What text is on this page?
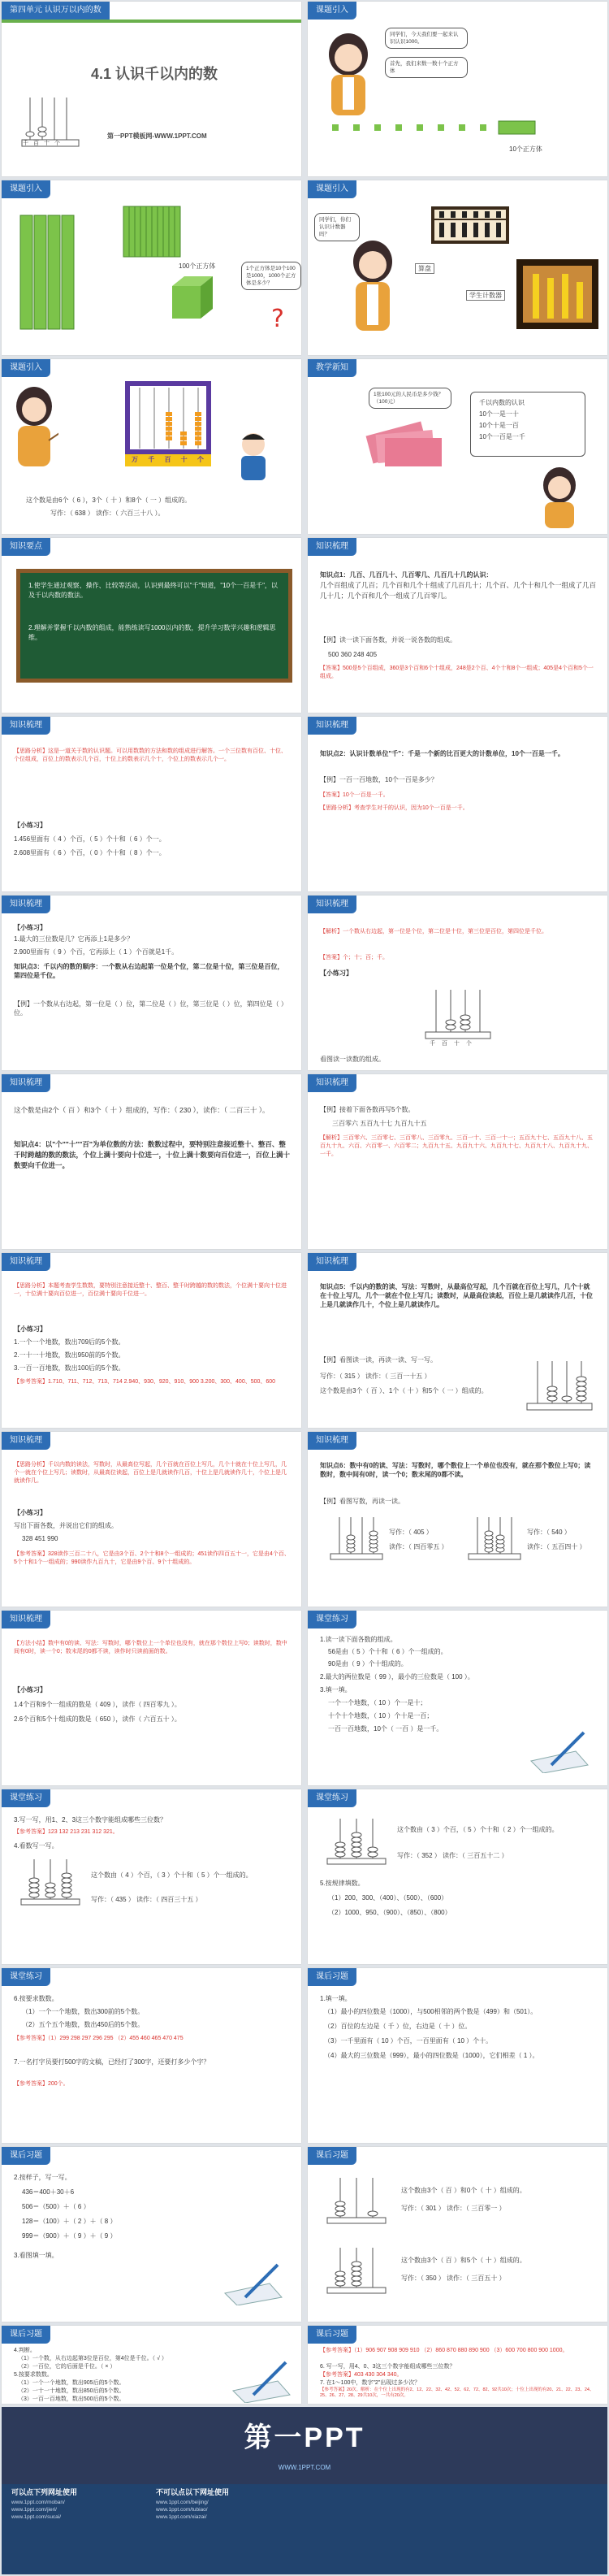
第四单元 认识万以内的数
4.1 认识千以内的数
第一PPT模板网-WWW.1PPT.COM
千 百 十 个
课题引入
同学们，今天我们要一起来认识认识1000。
首先，我们来数一数十个正方体
10个正方体
课题引入
100个正方体	1个正方体是10个100是1000，1000个正方体是多少？
?
课题引入
同学们，你们认识计数器吗？
算盘
学生计数器
课题引入
万 千 百 十 个
这个数是由6个（ 6 ），3个（ 十 ）和8个（ 一 ）组成的。
写作：（ 638 ） 读作：（ 六百三十八 ）。
教学新知
1张100元的人民币是多少钱？（100元）	千以内数的认识
10个一是一十
10个十是一百
10个一百是一千
知识要点
1.使学生通过观察、操作、比较等活动，认识到最终可以"千"知道，"10个一百是千"，以及千以内数的数法。
2.理解并掌握千以内数的组成，能熟练读写1000以内的数，提升学习数学兴趣和逻辑思维。
知识梳理
知识点1：几百、几百几十、几百零几、几百几十几的认识：
几个百组成了几百；几个百和几个十组成了几百几十；几个百、几个十和几个一组成了几百几十几；几个百和几个一组成了几百零几。
【例】读一读下面各数，并说一说各数的组成。
500 360 248 405
【答案】500是5个百组成，360是3个百和6个十组成，248是2个百、4个十和8个一组成；405是4个百和5个一组成。
知识梳理
【思路分析】这是一道关于数的认识题。可以用数数的方法和数的组成进行解答。一个三位数有百位、十位、个位组成，百位上的数表示几个百，十位上的数表示几个十，个位上的数表示几个一。
【小练习】
1.456里面有（ 4 ）个百，（ 5 ）个十和（ 6 ）个一。
2.608里面有（ 6 ）个百，（ 0 ）个十和（ 8 ）个一。
知识梳理
知识点2：认识计数单位"千"：千是一个新的比百更大的计数单位，10个一百是一千。
【例】一百一百地数，10个一百是多少？
【答案】10个一百是一千。
【思路分析】考查学生对千的认识，因为10个一百是一千。
知识梳理
【小练习】
1.最大的三位数是几？它再添上1是多少？
2.900里面有（ 9 ）个百，它再添上（ 1 ）个百就是1千。
知识点3：千以内的数的顺序：一个数从右边起第一位是个位，第二位是十位，第三位是百位，第四位是千位。
【例】一个数从右边起，第一位是（ ）位，第二位是（ ）位，第三位是（ ）位，第四位是（ ）位。
知识梳理
【解析】一个数从右边起，第一位是个位，第二位是十位，第三位是百位，第四位是千位。
【答案】个；十；百；千。
【小练习】
千 百 十 个
看图读一读数的组成。
知识梳理
这个数是由2个（ 百 ）和3个（ 十 ）组成的，写作：（ 230 ），读作：（ 二百三十 ）。
知识点4：以"个""十""百"为单位数的方法：数数过程中，要特别注意接近整十、整百、整千时跨越的数的数法，个位上满十要向十位进一，十位上满十数要向百位进一，百位上满十数要向千位进一。
知识梳理
【例】接着下面各数再写5个数。
三百零六 五百九十七 九百九十五
【解析】三百零六、三百零七、三百零八、三百零九、三百一十、三百一十一；五百九十七、五百九十八、五百九十九、六百、六百零一、六百零二；九百九十五、九百九十六、九百九十七、九百九十八、九百九十九、一千。
知识梳理
【思路分析】本题考查学生数数，要特别注意接近整十、整百、整千时跨越的数的数法，个位满十要向十位进一，十位满十要向百位进一，百位满十要向千位进一。
【小练习】
1.一个一个地数，数出709后的5个数。
2.一十一十地数，数出950前的5个数。
3.一百一百地数，数出100后的5个数。
【参考答案】1.710、711、712、713、714 2.940、930、920、910、900 3.200、300、400、500、600
知识梳理
知识点5：千以内的数的读、写法：写数时，从最高位写起，几个百就在百位上写几，几个十就在十位上写几，几个一就在个位上写几；读数时，从最高位读起，百位上是几就读作几百，十位上是几就读作几十，个位上是几就读作几。
【例】看图读一读，再读一读、写一写。
写作：（ 315 ） 读作：（ 三百一十五 ）
这个数是由3个（ 百 ）、1个（ 十 ）和5个（ 一 ）组成的。
知识梳理
【思路分析】千以内数的读法，写数时，从最高位写起，几个百就在百位上写几，几个十就在十位上写几，几个一就在个位上写几；读数时，从最高位读起，百位上是几就读作几百，十位上是几就读作几十，个位上是几就读作几。
【小练习】
写出下面各数，并说出它们的组成。
328 451 990
【参考答案】328读作三百二十八，它是由3个百、2个十和8个一组成的；451读作四百五十一，它是由4个百、5个十和1个一组成的；990读作九百九十，它是由9个百、9个十组成的。
知识梳理
知识点6：数中有0的读、写法：写数时，哪个数位上一个单位也没有，就在那个数位上写0；读数时，数中间有0时，读一个0；数末尾的0都不读。
【例】看图写数，再读一读。
写作：（ 405 ）
读作：（ 四百零五 ）
写作：（ 540 ）
读作：（ 五百四十 ）
知识梳理
【方法小结】数中有0的读、写法：写数时，哪个数位上一个单位也没有，就在那个数位上写0；读数时，数中间有0时，读一个0；数末尾的0都不读，读作时只读前面的数。
【小练习】
1.4个百和9个一组成的数是（ 409 ），读作（ 四百零九 ）。
2.6个百和5个十组成的数是（ 650 ），读作（ 六百五十 ）。
课堂练习
1.读一读下面各数的组成。
56是由（ 5 ）个十和（ 6 ）个一组成的。
90是由（ 9 ）个十组成的。
2.最大的两位数是（ 99 ），最小的三位数是（ 100 ）。
3.填一填。
一个一个地数，（ 10 ）个一是十；
十个十个地数，（ 10 ）个十是一百；
一百一百地数，10个（ 一百 ）是一千。
课堂练习
3.写一写，用1、2、3这三个数字能组成哪些三位数？
【参考答案】123 132 213 231 312 321。
4.看数写一写。
这个数由（ 4 ）个百，（ 3 ）个十和（ 5 ）个一组成的。
写作：（ 435 ） 读作：（ 四百三十五 ）
课堂练习
这个数由（ 3 ）个百，（ 5 ）个十和（ 2 ）个一组成的。
写作：（ 352 ） 读作：（ 三百五十二 ）
5.按规律填数。
（1）200、300、（400）、（500）、（600）
（2）1000、950、（900）、（850）、（800）
课堂练习
6.按要求数数。
（1）一个一个地数，数出300前的5个数。
（2）五个五个地数，数出450后的5个数。
【参考答案】（1）299 298 297 296 295 （2）455 460 465 470 475
7.一名打字员要打500字的文稿，已经打了300字，还要打多少个字？
【参考答案】200个。
课后习题
1.填一填。
（1）最小的四位数是（1000），与500相邻的两个数是（499）和（501）。
（2）百位的左边是（ 千 ）位，右边是（ 十 ）位。
（3）一千里面有（ 10 ）个百，一百里面有（ 10 ）个十。
（4）最大的三位数是（999），最小的四位数是（1000），它们相差（ 1 ）。
课后习题
2.按样子，写一写。
436＝400＋30＋6
506＝（500）＋（ 6 ）
128＝（100）＋（ 2 ）＋（ 8 ）
999＝（900）＋（ 9 ）＋（ 9 ）
3.看图填一填。
课后习题
这个数由3个（ 百 ）和0个（ 十 ）组成的。
写作：（ 301 ） 读作：（ 三百零一 ）
这个数由3个（ 百 ）和5个（ 十 ）组成的。
写作：（ 350 ） 读作：（ 三百五十 ）
课后习题
4.判断。
（1）一个数，从右边起第3位是百位，第4位是千位。（ √ ）
（2）一百位，它的后面是千位。（ × ）
5.按要求数数。
（1）一个一个地数，数出905后的5个数。
（2）一十一十地数，数出850后的5个数。
（3）一百一百地数，数出500后的5个数。
课后习题
【参考答案】（1）906 907 908 909 910 （2）860 870 880 890 900 （3）600 700 800 900 1000。
6. 写一写，用4、0、3这三个数字能组成哪些三位数？
【参考答案】403 430 304 340。
7. 在1～100中，数字"2"出现过多少次？
【参考答案】20次。解析：在个位上出现的有2、12、22、32、42、52、62、72、82、92共10次；十位上出现的有20、21、22、23、24、25、26、27、28、29共10次，一共有20次。
第一PPT
WWW.1PPT.COM
可以点下列网址使用
www.1ppt.com/moban/
www.1ppt.com/jieri/
www.1ppt.com/sucai/
不可以点以下网址使用
www.1ppt.com/beijing/
www.1ppt.com/tubiao/
www.1ppt.com/xiazai/
